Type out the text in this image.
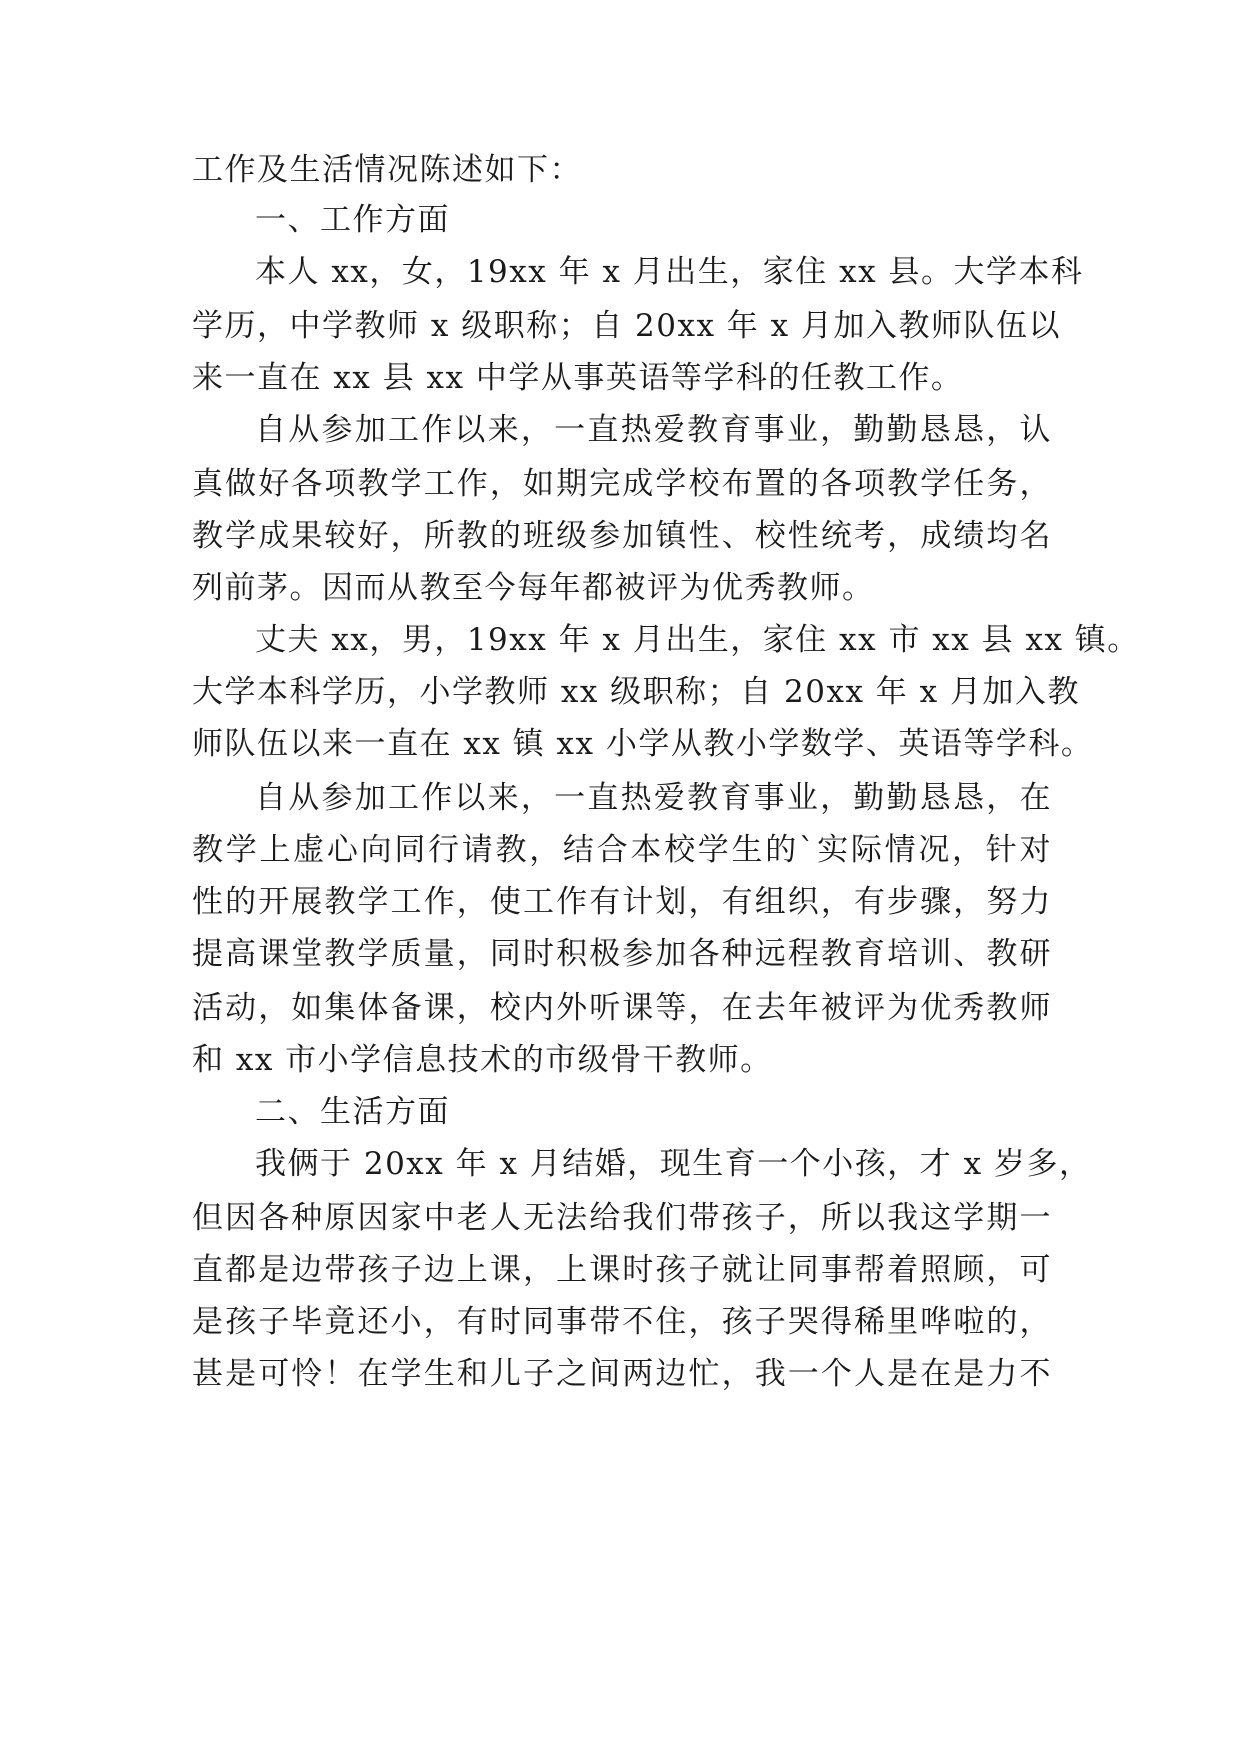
工作及生活情况陈述如下：
一、工作方面
本人 xx，女，19xx 年 x 月出生，家住 xx 县。大学本科
学历，中学教师 x 级职称；自 20xx 年 x 月加入教师队伍以
来一直在 xx 县 xx 中学从事英语等学科的任教工作。
自从参加工作以来，一直热爱教育事业，勤勤恳恳，认
真做好各项教学工作，如期完成学校布置的各项教学任务，
教学成果较好，所教的班级参加镇性、校性统考，成绩均名
列前茅。因而从教至今每年都被评为优秀教师。
丈夫 xx，男，19xx 年 x 月出生，家住 xx 市 xx 县 xx 镇。
大学本科学历，小学教师 xx 级职称；自 20xx 年 x 月加入教
师队伍以来一直在 xx 镇 xx 小学从教小学数学、英语等学科。
自从参加工作以来，一直热爱教育事业，勤勤恳恳，在
教学上虚心向同行请教，结合本校学生的`实际情况，针对
性的开展教学工作，使工作有计划，有组织，有步骤，努力
提高课堂教学质量，同时积极参加各种远程教育培训、教研
活动，如集体备课，校内外听课等，在去年被评为优秀教师
和 xx 市小学信息技术的市级骨干教师。
二、生活方面
我俩于 20xx 年 x 月结婚，现生育一个小孩，才 x 岁多，
但因各种原因家中老人无法给我们带孩子，所以我这学期一
直都是边带孩子边上课，上课时孩子就让同事帮着照顾，可
是孩子毕竟还小，有时同事带不住，孩子哭得稀里哗啦的，
甚是可怜！在学生和儿子之间两边忙，我一个人是在是力不
